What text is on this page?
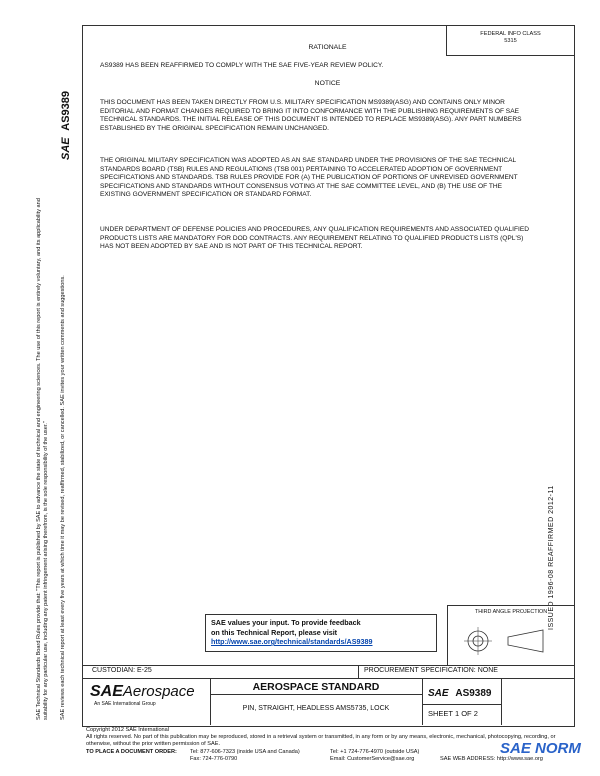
FEDERAL INFO CLASS
5315
RATIONALE
AS9389 HAS BEEN REAFFIRMED TO COMPLY WITH THE SAE FIVE-YEAR REVIEW POLICY.
NOTICE
THIS DOCUMENT HAS BEEN TAKEN DIRECTLY FROM U.S. MILITARY SPECIFICATION MS9389(ASG) AND CONTAINS ONLY MINOR EDITORIAL AND FORMAT CHANGES REQUIRED TO BRING IT INTO CONFORMANCE WITH THE PUBLISHING REQUIREMENTS OF SAE TECHNICAL STANDARDS. THE INITIAL RELEASE OF THIS DOCUMENT IS INTENDED TO REPLACE MS9389(ASG). ANY PART NUMBERS ESTABLISHED BY THE ORIGINAL SPECIFICATION REMAIN UNCHANGED.
THE ORIGINAL MILITARY SPECIFICATION WAS ADOPTED AS AN SAE STANDARD UNDER THE PROVISIONS OF THE SAE TECHNICAL STANDARDS BOARD (TSB) RULES AND REGULATIONS (TSB 001) PERTAINING TO ACCELERATED ADOPTION OF GOVERNMENT SPECIFICATIONS AND STANDARDS. TSB RULES PROVIDE FOR (A) THE PUBLICATION OF PORTIONS OF UNREVISED GOVERNMENT SPECIFICATIONS AND STANDARDS WITHOUT CONSENSUS VOTING AT THE SAE COMMITTEE LEVEL, AND (B) THE USE OF THE EXISTING GOVERNMENT SPECIFICATION OR STANDARD FORMAT.
UNDER DEPARTMENT OF DEFENSE POLICIES AND PROCEDURES, ANY QUALIFICATION REQUIREMENTS AND ASSOCIATED QUALIFIED PRODUCTS LISTS ARE MANDATORY FOR DOD CONTRACTS. ANY REQUIREMENT RELATING TO QUALIFIED PRODUCTS LISTS (QPL'S) HAS NOT BEEN ADOPTED BY SAE AND IS NOT PART OF THIS TECHNICAL REPORT.
SAE AS9389
SAE Technical Standards Board Rules provide that: "This report is published by SAE to advance the state of technical and engineering sciences. The use of this report is entirely voluntary, and its applicability and suitability for any particular use, including any patent infringement arising therefrom, is the sole responsibility of the user." SAE reviews each technical report at least every five years at which time it may be revised, reaffirmed, stabilized, or cancelled. SAE invites your written comments and suggestions.	ISSUED 1996-08 REAFFIRMED 2012-11
SAE values your input. To provide feedback
on this Technical Report, please visit
http://www.sae.org/technical/standards/AS9389
THIRD ANGLE PROJECTION
CUSTODIAN: E-25	PROCUREMENT SPECIFICATION: NONE
SAEAerospace
An SAE International Group
AEROSPACE STANDARD
PIN, STRAIGHT, HEADLESS AMS5735, LOCK
SAE AS9389
SHEET 1 OF 2
Copyright 2012 SAE International
All rights reserved. No part of this publication may be reproduced, stored in a retrieval system or transmitted, in any form or by any means, electronic, mechanical, photocopying, recording, or otherwise, without the prior written permission of SAE.
TO PLACE A DOCUMENT ORDER: Tel: 877-606-7323 (inside USA and Canada)
Fax: 724-776-0790
Tel: +1 724-776-4970 (outside USA)
Email: CustomerService@sae.org	SAE WEB ADDRESS: http://www.sae.org
SAE NORM
